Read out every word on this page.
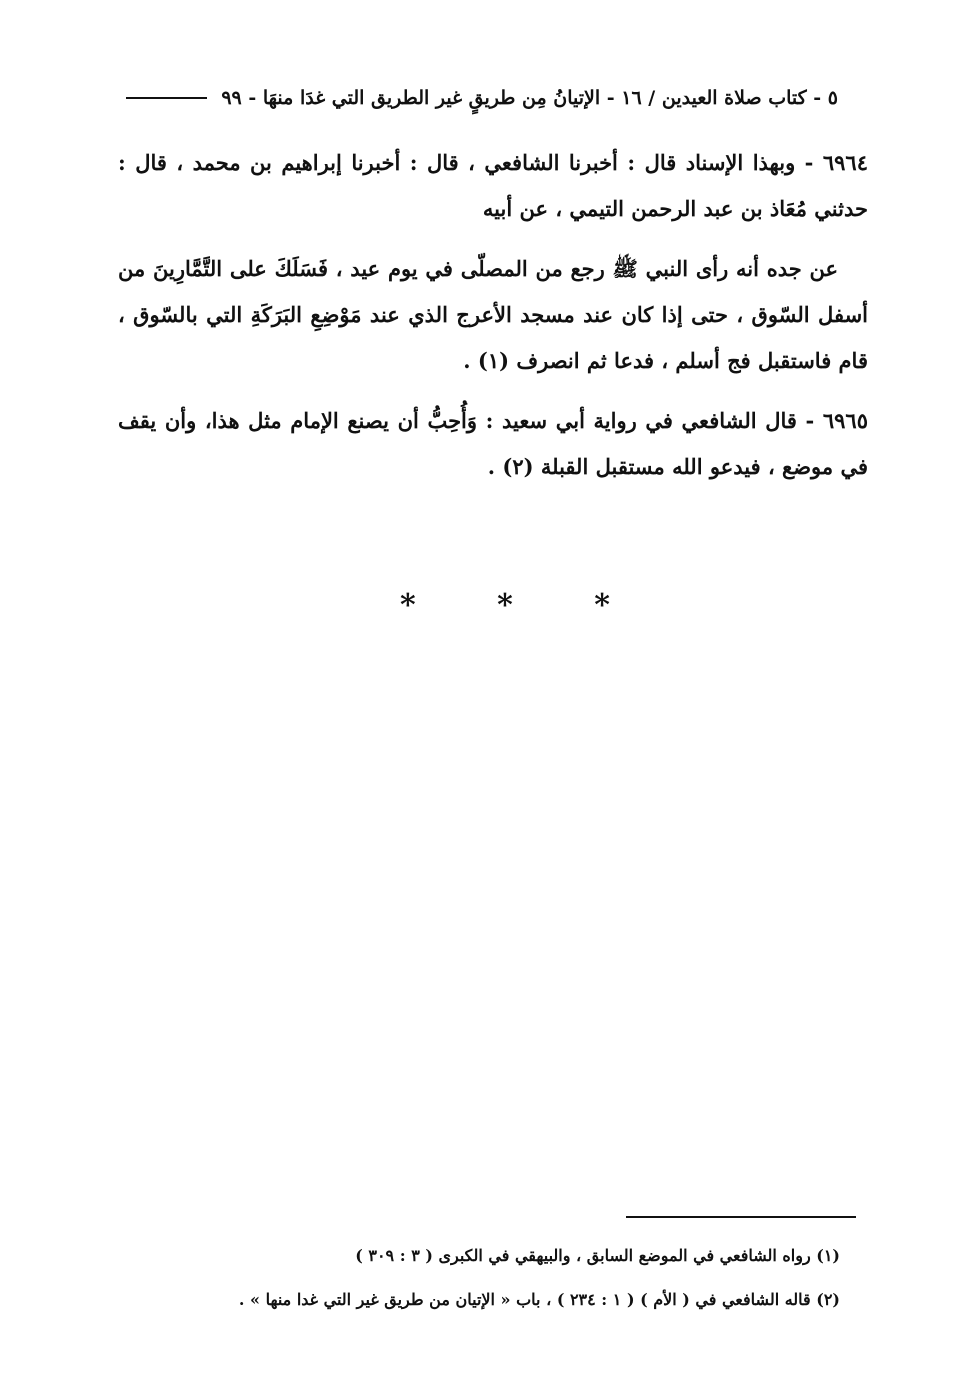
٥ - كتاب صلاة العيدين / ١٦ - الإتيانُ مِن طريقٍ غير الطريق التي غدَا منهَا - ٩٩

٦٩٦٤ - وبهذا الإسناد قال : أخبرنا الشافعي ، قال : أخبرنا إبراهيم بن محمد ، قال : حدثني مُعَاذ بن عبد الرحمن التيمي ، عن أبيه

عن جده أنه رأى النبي ﷺ رجع من المصلّى في يوم عيد ، فَسَلَكَ على التَّمَّارِينَ من أسفل السّوق ، حتى إذا كان عند مسجد الأعرج الذي عند مَوْضِعِ البَرَكَةِ التي بالسّوق ، قام فاستقبل فج أسلم ، فدعا ثم انصرف (١) .

٦٩٦٥ - قال الشافعي في رواية أبي سعيد : وَأُحِبُّ أن يصنع الإمام مثل هذا، وأن يقف في موضع ، فيدعو الله مستقبل القبلة (٢) .

*	*	*
(١) رواه الشافعي في الموضع السابق ، والبيهقي في الكبرى ( ٣ : ٣٠٩ )
(٢) قاله الشافعي في ( الأم ) ( ١ : ٢٣٤ ) ، باب « الإتيان من طريق غير التي غدا منها » .
